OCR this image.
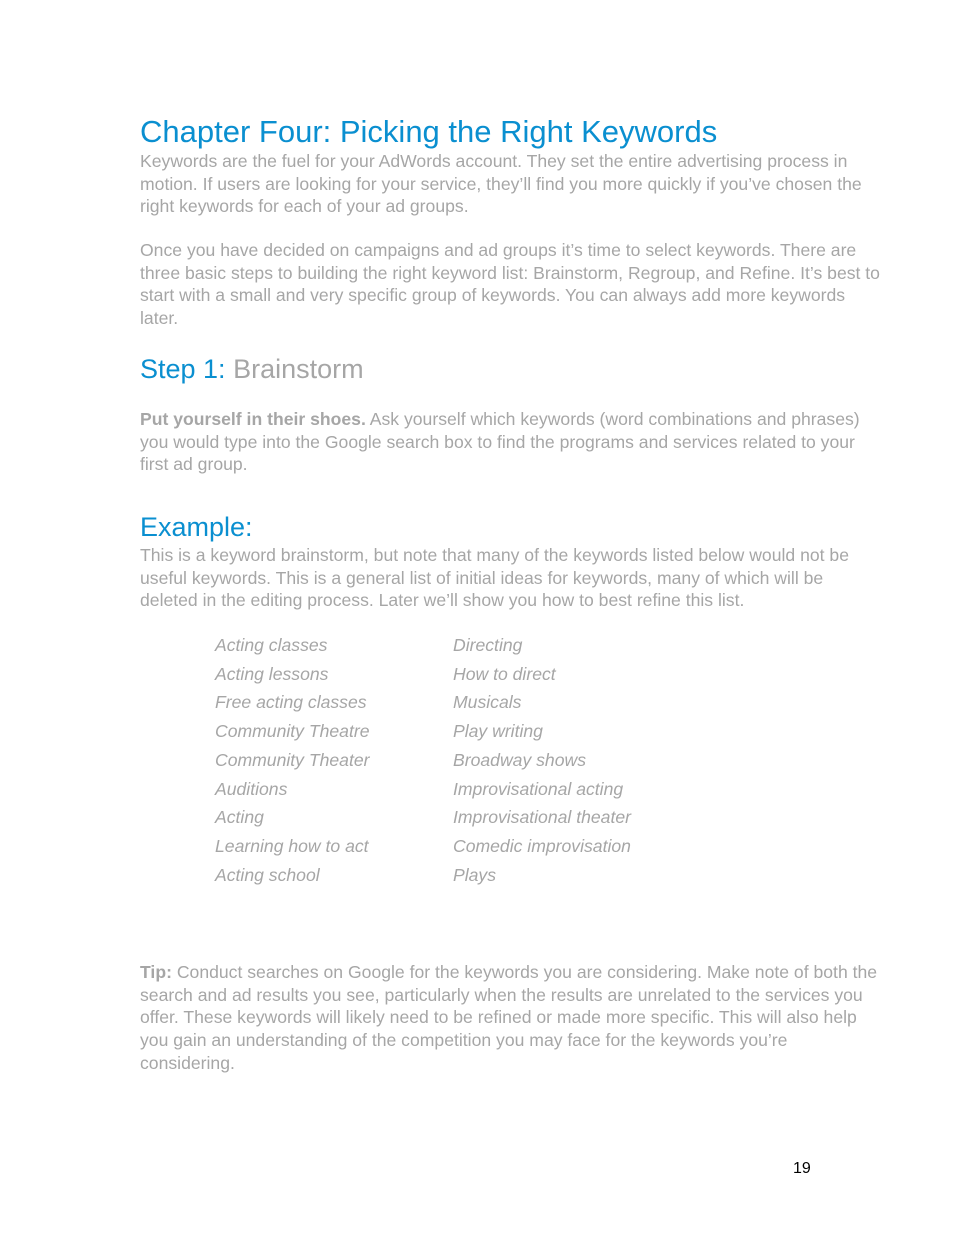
Chapter Four: Picking the Right Keywords

Keywords are the fuel for your AdWords account. They set the entire advertising process in motion. If users are looking for your service, they’ll find you more quickly if you’ve chosen the right keywords for each of your ad groups.

Once you have decided on campaigns and ad groups it’s time to select keywords. There are three basic steps to building the right keyword list: Brainstorm, Regroup, and Refine. It’s best to start with a small and very specific group of keywords. You can always add more keywords later.

Step 1: Brainstorm

Put yourself in their shoes. Ask yourself which keywords (word combinations and phrases) you would type into the Google search box to find the programs and services related to your first ad group.

Example:

This is a keyword brainstorm, but note that many of the keywords listed below would not be useful keywords. This is a general list of initial ideas for keywords, many of which will be deleted in the editing process. Later we’ll show you how to best refine this list.

Acting classes
Acting lessons
Free acting classes
Community Theatre
Community Theater
Auditions
Acting
Learning how to act
Acting school
Directing
How to direct
Musicals
Play writing
Broadway shows
Improvisational acting
Improvisational theater
Comedic improvisation
Plays

Tip: Conduct searches on Google for the keywords you are considering. Make note of both the search and ad results you see, particularly when the results are unrelated to the services you offer. These keywords will likely need to be refined or made more specific. This will also help you gain an understanding of the competition you may face for the keywords you’re considering.

19
